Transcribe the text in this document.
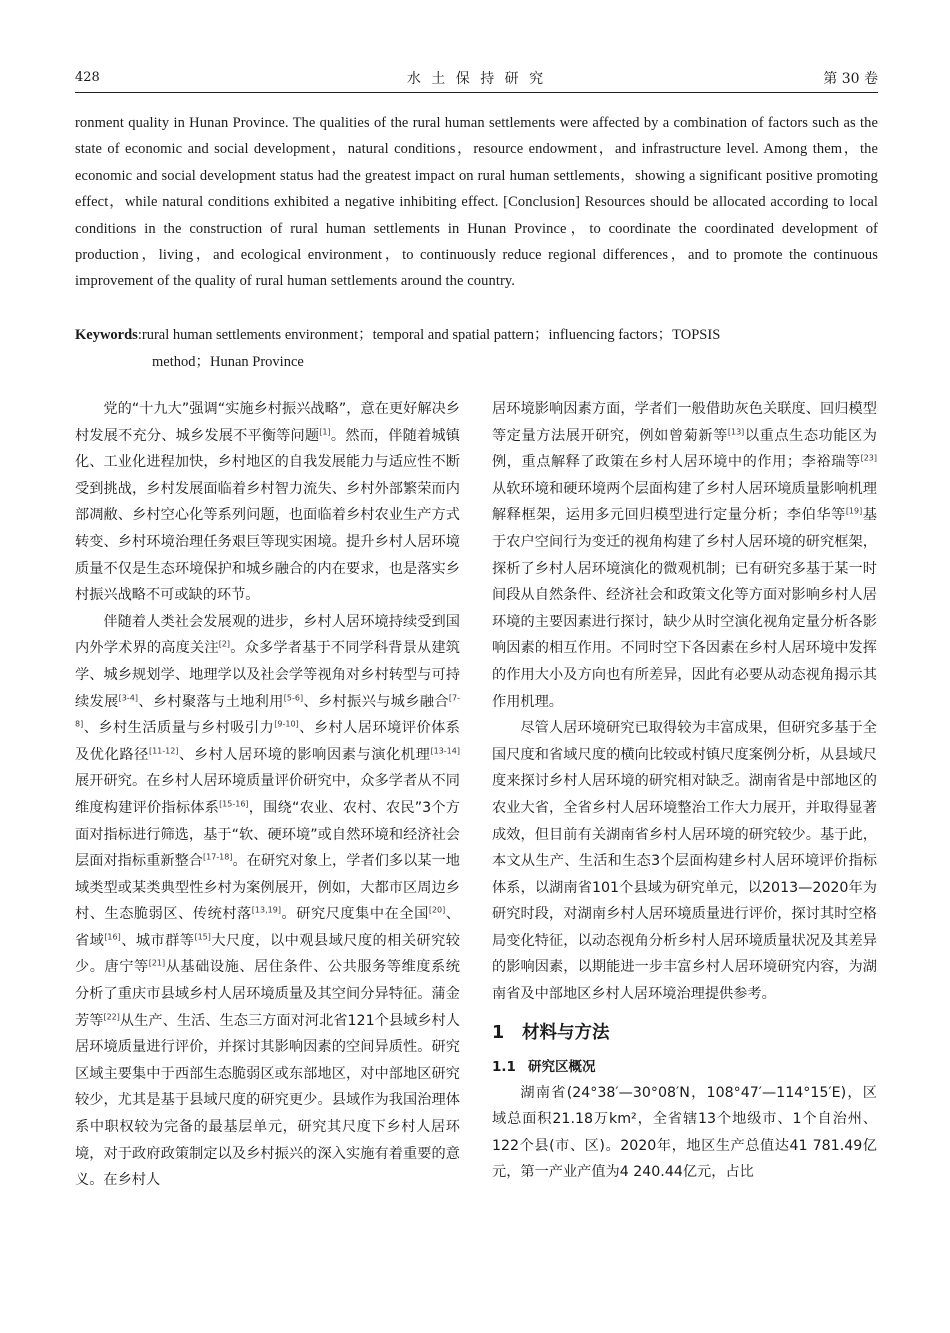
428	水 土 保 持 研 究	第 30 卷
ronment quality in Hunan Province. The qualities of the rural human settlements were affected by a combination of factors such as the state of economic and social development，natural conditions，resource endowment，and infrastructure level. Among them，the economic and social development status had the greatest impact on rural human settlements，showing a significant positive promoting effect，while natural conditions exhibited a negative inhibiting effect. [Conclusion] Resources should be allocated according to local conditions in the construction of rural human settlements in Hunan Province，to coordinate the coordinated development of production，living，and ecological environment，to continuously reduce regional differences，and to promote the continuous improvement of the quality of rural human settlements around the country.
Keywords:rural human settlements environment；temporal and spatial pattern；influencing factors；TOPSIS
method；Hunan Province

党的“十九大”强调“实施乡村振兴战略”，意在更好解决乡村发展不充分、城乡发展不平衡等问题[1]。然而，伴随着城镇化、工业化进程加快，乡村地区的自我发展能力与适应性不断受到挑战，乡村发展面临着乡村智力流失、乡村外部繁荣而内部凋敝、乡村空心化等系列问题，也面临着乡村农业生产方式转变、乡村环境治理任务艰巨等现实困境。提升乡村人居环境质量不仅是生态环境保护和城乡融合的内在要求，也是落实乡村振兴战略不可或缺的环节。

伴随着人类社会发展观的进步，乡村人居环境持续受到国内外学术界的高度关注[2]。众多学者基于不同学科背景从建筑学、城乡规划学、地理学以及社会学等视角对乡村转型与可持续发展[3-4]、乡村聚落与土地利用[5-6]、乡村振兴与城乡融合[7-8]、乡村生活质量与乡村吸引力[9-10]、乡村人居环境评价体系及优化路径[11-12]、乡村人居环境的影响因素与演化机理[13-14]展开研究。在乡村人居环境质量评价研究中，众多学者从不同维度构建评价指标体系[15-16]，围绕“农业、农村、农民”3个方面对指标进行筛选，基于“软、硬环境”或自然环境和经济社会层面对指标重新整合[17-18]。在研究对象上，学者们多以某一地域类型或某类典型性乡村为案例展开，例如，大都市区周边乡村、生态脆弱区、传统村落[13,19]。研究尺度集中在全国[20]、省域[16]、城市群等[15]大尺度，以中观县域尺度的相关研究较少。唐宁等[21]从基础设施、居住条件、公共服务等维度系统分析了重庆市县域乡村人居环境质量及其空间分异特征。蒲金芳等[22]从生产、生活、生态三方面对河北省121个县域乡村人居环境质量进行评价，并探讨其影响因素的空间异质性。研究区域主要集中于西部生态脆弱区或东部地区，对中部地区研究较少，尤其是基于县域尺度的研究更少。县域作为我国治理体系中职权较为完备的最基层单元，研究其尺度下乡村人居环境，对于政府政策制定以及乡村振兴的深入实施有着重要的意义。在乡村人

居环境影响因素方面，学者们一般借助灰色关联度、回归模型等定量方法展开研究，例如曾菊新等[13]以重点生态功能区为例，重点解释了政策在乡村人居环境中的作用；李裕瑞等[23]从软环境和硬环境两个层面构建了乡村人居环境质量影响机理解释框架，运用多元回归模型进行定量分析；李伯华等[19]基于农户空间行为变迁的视角构建了乡村人居环境的研究框架，探析了乡村人居环境演化的微观机制；已有研究多基于某一时间段从自然条件、经济社会和政策文化等方面对影响乡村人居环境的主要因素进行探讨，缺少从时空演化视角定量分析各影响因素的相互作用。不同时空下各因素在乡村人居环境中发挥的作用大小及方向也有所差异，因此有必要从动态视角揭示其作用机理。

尽管人居环境研究已取得较为丰富成果，但研究多基于全国尺度和省域尺度的横向比较或村镇尺度案例分析，从县域尺度来探讨乡村人居环境的研究相对缺乏。湖南省是中部地区的农业大省，全省乡村人居环境整治工作大力展开，并取得显著成效，但目前有关湖南省乡村人居环境的研究较少。基于此，本文从生产、生活和生态3个层面构建乡村人居环境评价指标体系，以湖南省101个县域为研究单元，以2013—2020年为研究时段，对湖南乡村人居环境质量进行评价，探讨其时空格局变化特征，以动态视角分析乡村人居环境质量状况及其差异的影响因素，以期能进一步丰富乡村人居环境研究内容，为湖南省及中部地区乡村人居环境治理提供参考。

1 材料与方法
1.1 研究区概况

湖南省(24°38′—30°08′N，108°47′—114°15′E)，区域总面积21.18万km²，全省辖13个地级市、1个自治州、122个县(市、区)。2020年，地区生产总值达41 781.49亿元，第一产业产值为4 240.44亿元，占比
